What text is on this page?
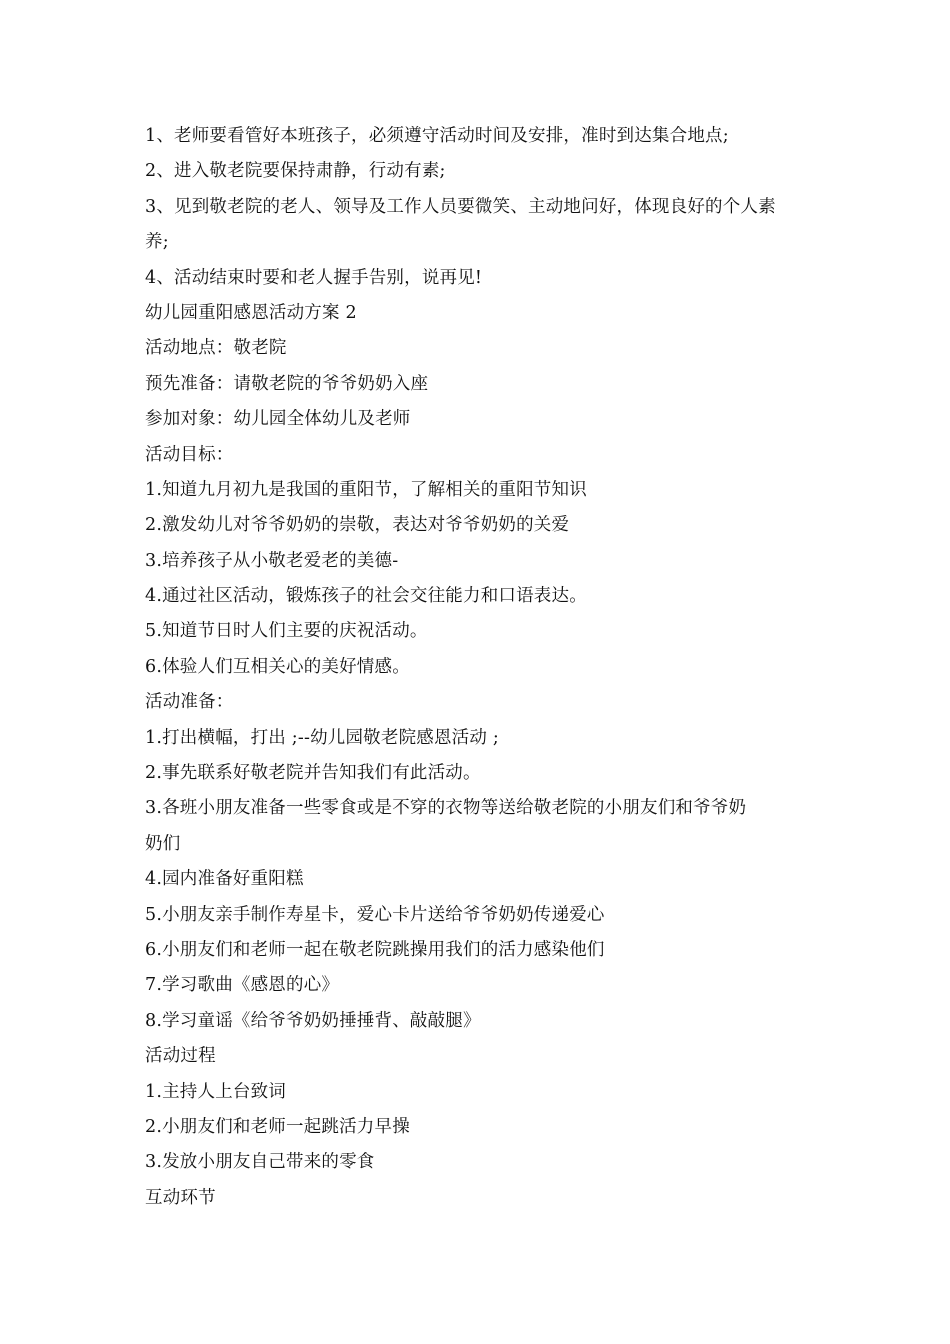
1、老师要看管好本班孩子，必须遵守活动时间及安排，准时到达集合地点;
2、进入敬老院要保持肃静，行动有素;
3、见到敬老院的老人、领导及工作人员要微笑、主动地问好，体现良好的个人素
养;
4、活动结束时要和老人握手告别，说再见!
幼儿园重阳感恩活动方案 2
活动地点：敬老院
预先准备：请敬老院的爷爷奶奶入座
参加对象：幼儿园全体幼儿及老师
活动目标：
1.知道九月初九是我国的重阳节，了解相关的重阳节知识
2.激发幼儿对爷爷奶奶的崇敬，表达对爷爷奶奶的关爱
3.培养孩子从小敬老爱老的美德-
4.通过社区活动，锻炼孩子的社会交往能力和口语表达。
5.知道节日时人们主要的庆祝活动。
6.体验人们互相关心的美好情感。
活动准备：
1.打出横幅，打出 ;--幼儿园敬老院感恩活动 ;
2.事先联系好敬老院并告知我们有此活动。
3.各班小朋友准备一些零食或是不穿的衣物等送给敬老院的小朋友们和爷爷奶
奶们
4.园内准备好重阳糕
5.小朋友亲手制作寿星卡，爱心卡片送给爷爷奶奶传递爱心
6.小朋友们和老师一起在敬老院跳操用我们的活力感染他们
7.学习歌曲《感恩的心》
8.学习童谣《给爷爷奶奶捶捶背、敲敲腿》
活动过程
1.主持人上台致词
2.小朋友们和老师一起跳活力早操
3.发放小朋友自己带来的零食
互动环节
